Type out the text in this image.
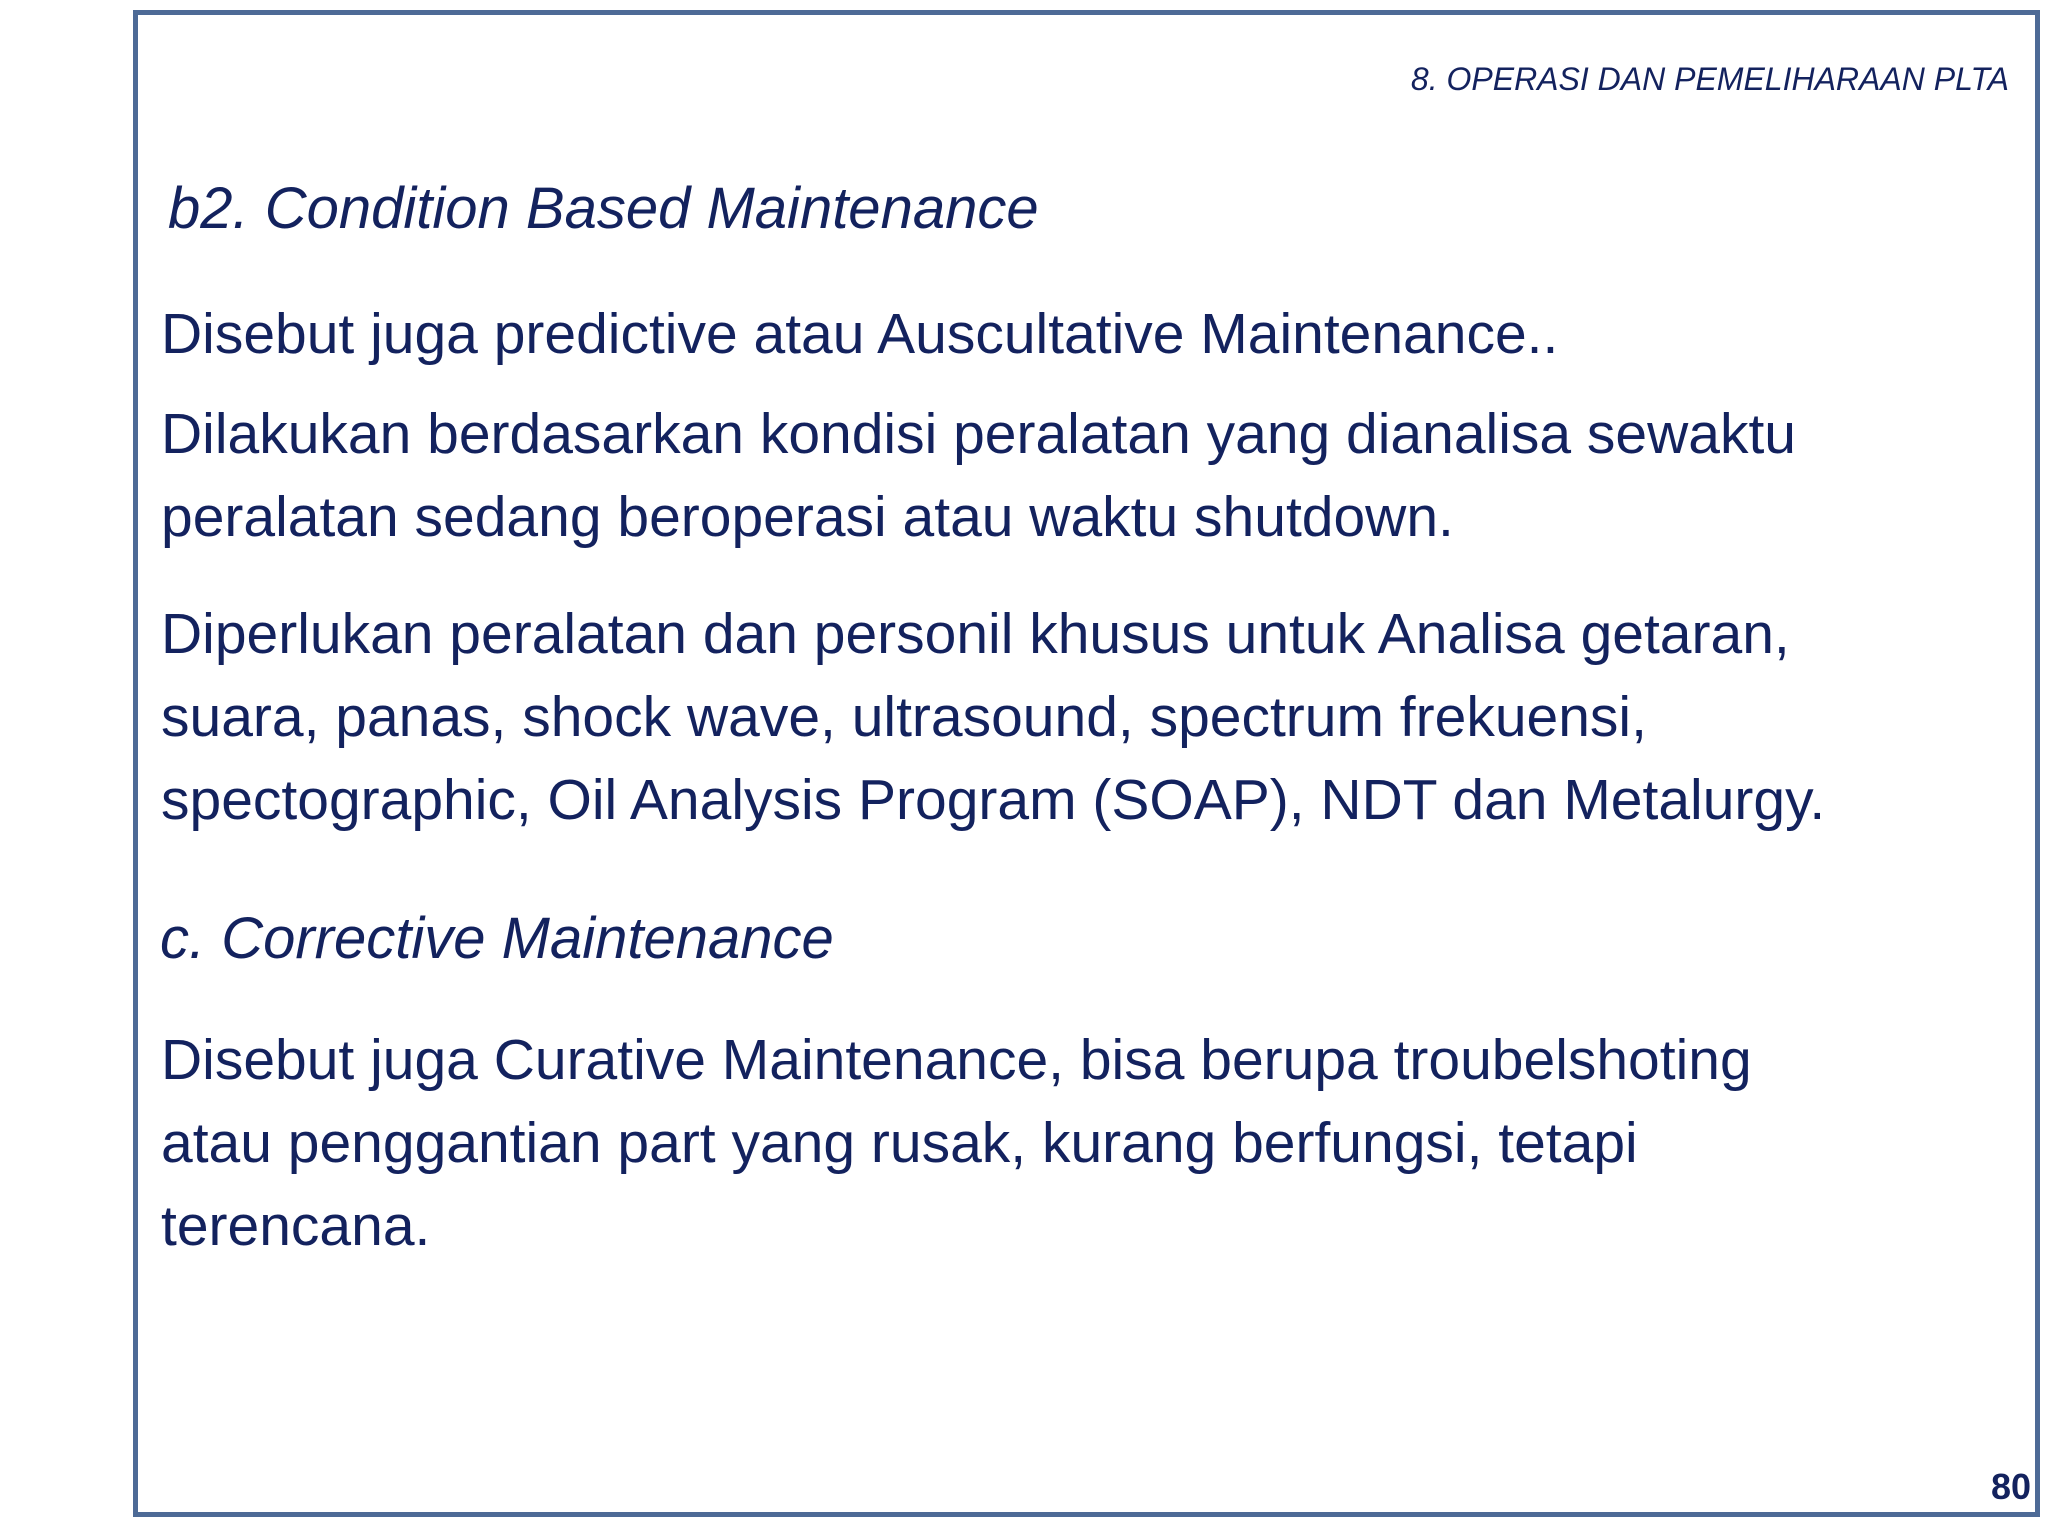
8. OPERASI DAN PEMELIHARAAN PLTA
b2. Condition Based Maintenance

Disebut juga predictive atau Auscultative Maintenance..

Dilakukan berdasarkan kondisi peralatan yang dianalisa sewaktu
peralatan sedang beroperasi atau waktu shutdown.

Diperlukan peralatan dan personil khusus untuk Analisa getaran,
suara, panas, shock wave, ultrasound, spectrum frekuensi,
spectographic, Oil Analysis Program (SOAP), NDT dan Metalurgy.

c. Corrective Maintenance

Disebut juga Curative Maintenance, bisa berupa troubelshoting
atau penggantian part yang rusak, kurang berfungsi, tetapi
terencana.

80
